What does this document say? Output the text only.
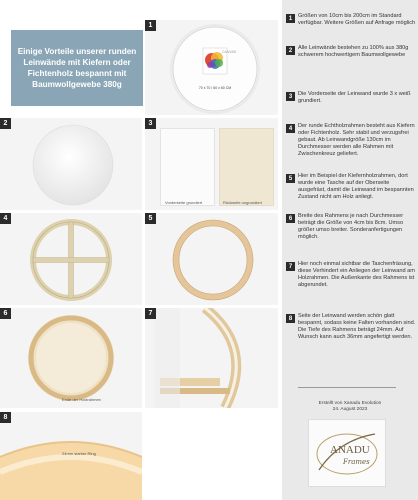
Einige Vorteile unserer runden Leinwände mit Kiefern oder Fichtenholz bespannt mit Baumwollgewebe 380g
1
70 x 70 / 60 x 60 CM
CANVAS
2	3
Vorderseite grundiert	Rückseite ungrundiert
4	5
6
Ende der Holzrahmen
7
8
24mm starker Ring
1	Größen von 10cm bis 200cm im Standard verfügbar. Weitere Größen auf Anfrage möglich
2	Alle Leinwände bestehen zu 100% aus 380g schwerem hochwertigem Baumwollgewebe
3	Die Vorderseite der Leinwand wurde 3 x weiß grundiert.
4	Der runde Echtholzrahmen besteht aus Kiefern oder Fichtenholz. Sehr stabil und verzugsfrei gebaut. Ab Leinwandgröße 130cm im Durchmesser werden alle Rahmen mit Zwischenkreuz geliefert.
5	Hier im Beispiel der Kiefernholzrahmen, dort wurde eine Tasche auf der Oberseite ausgefräst, damit die Leinwand im bespannten Zustand nicht am Holz anliegt.
6	Breite des Rahmens je nach Durchmesser beträgt die Größe von 4cm bis 8cm. Umso größer umso breiter. Sonderanfertigungen möglich.
7	Hier noch einmal sichtbar die Taschenfräsung, diese Verhindert ein Anliegen der Leinwand am Holzrahmen. Die Außenkante des Rahmens ist abgerundet.
8	Seite der Leinwand werden schön glatt bespannt, sodass keine Falten vorhanden sind. Die Tiefe des Rahmens beträgt 24mm. Auf Wunsch kann auch 36mm angefertigt werden.
Erstellt von Xanadu Evolution
24. August 2023
ANADU
Frames
